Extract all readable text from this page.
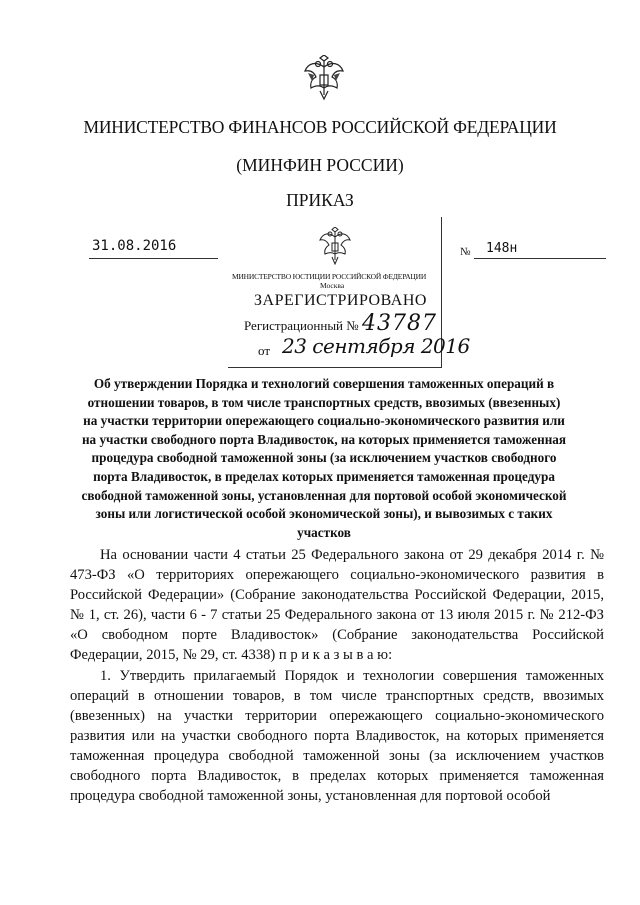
МИНИСТЕРСТВО ФИНАНСОВ РОССИЙСКОЙ ФЕДЕРАЦИИ
(МИНФИН РОССИИ)
ПРИКАЗ
31.08.2016	№ 148н
МИНИСТЕРСТВО ЮСТИЦИИ РОССИЙСКОЙ ФЕДЕРАЦИИ
Москва
ЗАРЕГИСТРИРОВАНО
Регистрационный № 43787
от 23 сентября 2016
Об утверждении Порядка и технологий совершения таможенных операций в отношении товаров, в том числе транспортных средств, ввозимых (ввезенных) на участки территории опережающего социально-экономического развития или на участки свободного порта Владивосток, на которых применяется таможенная процедура свободной таможенной зоны (за исключением участков свободного порта Владивосток, в пределах которых применяется таможенная процедура свободной таможенной зоны, установленная для портовой особой экономической зоны или логистической особой экономической зоны), и вывозимых с таких участков

На основании части 4 статьи 25 Федерального закона от 29 декабря 2014 г. № 473-ФЗ «О территориях опережающего социально-экономического развития в Российской Федерации» (Собрание законодательства Российской Федерации, 2015, № 1, ст. 26), части 6 - 7 статьи 25 Федерального закона от 13 июля 2015 г. № 212-ФЗ «О свободном порте Владивосток» (Собрание законодательства Российской Федерации, 2015, № 29, ст. 4338) п р и к а з ы в а ю:

1. Утвердить прилагаемый Порядок и технологии совершения таможенных операций в отношении товаров, в том числе транспортных средств, ввозимых (ввезенных) на участки территории опережающего социально-экономического развития или на участки свободного порта Владивосток, на которых применяется таможенная процедура свободной таможенной зоны (за исключением участков свободного порта Владивосток, в пределах которых применяется таможенная процедура свободной таможенной зоны, установленная для портовой особой
